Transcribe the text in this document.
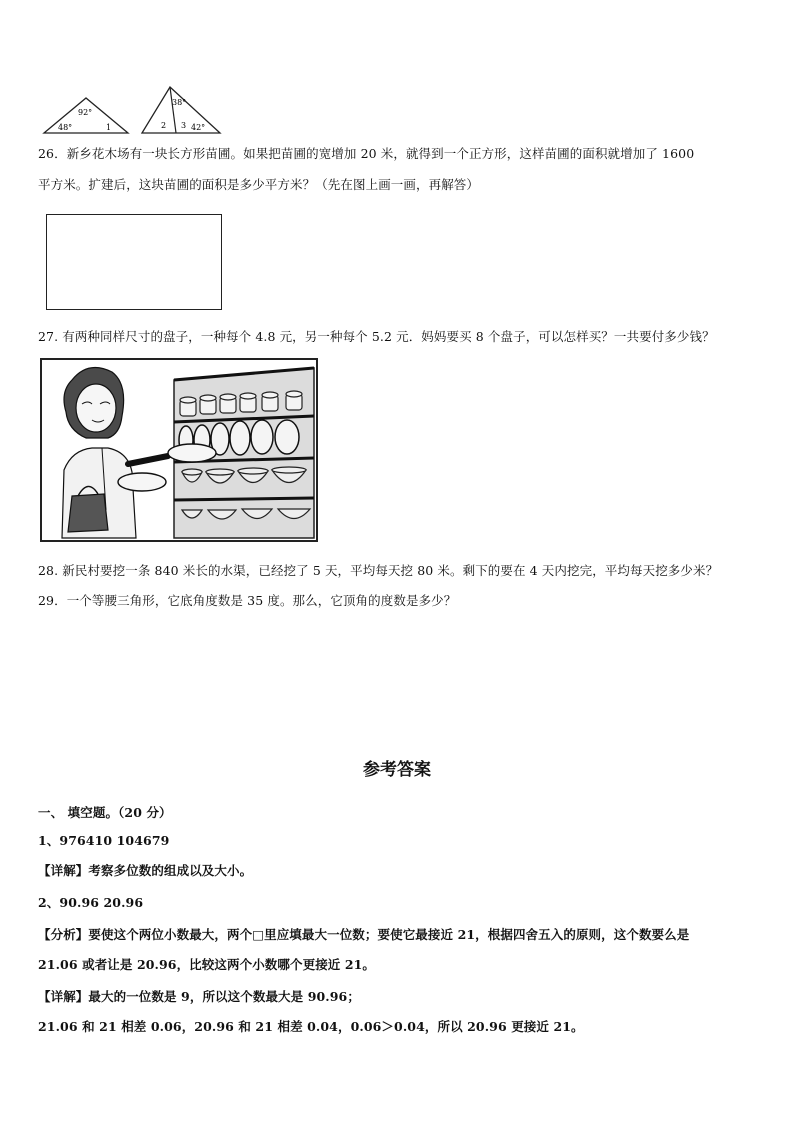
92°
48°	1
38°
2 3 42°
26．新乡花木场有一块长方形苗圃。如果把苗圃的宽增加 20 米，就得到一个正方形，这样苗圃的面积就增加了 1600
平方米。扩建后，这块苗圃的面积是多少平方米？（先在图上画一画，再解答）
27. 有两种同样尺寸的盘子，一种每个 4.8 元，另一种每个 5.2 元．妈妈要买 8 个盘子，可以怎样买？一共要付多少钱？
28. 新民村要挖一条 840 米长的水渠，已经挖了 5 天，平均每天挖 80 米。剩下的要在 4 天内挖完，平均每天挖多少米？
29．一个等腰三角形，它底角度数是 35 度。那么，它顶角的度数是多少？
参考答案
一、 填空题。（20 分）
1、976410 104679
【详解】考察多位数的组成以及大小。
2、90.96 20.96
【分析】要使这个两位小数最大，两个□里应填最大一位数；要使它最接近 21，根据四舍五入的原则，这个数要么是
21.06 或者让是 20.96，比较这两个小数哪个更接近 21。
【详解】最大的一位数是 9，所以这个数最大是 90.96；
21.06 和 21 相差 0.06，20.96 和 21 相差 0.04，0.06＞0.04，所以 20.96 更接近 21。
